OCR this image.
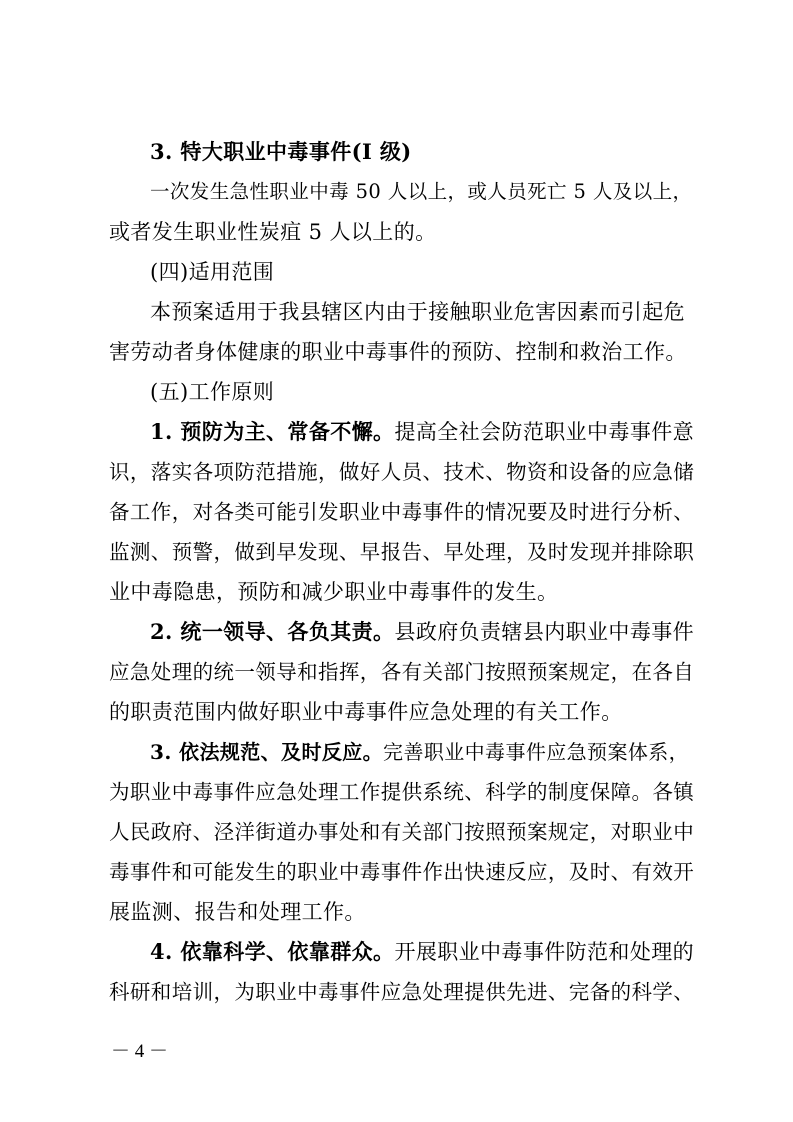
3. 特大职业中毒事件(I 级)
一次发生急性职业中毒 50 人以上，或人员死亡 5 人及以上，
或者发生职业性炭疽 5 人以上的。
(四)适用范围
本预案适用于我县辖区内由于接触职业危害因素而引起危
害劳动者身体健康的职业中毒事件的预防、控制和救治工作。
(五)工作原则
1. 预防为主、常备不懈。提高全社会防范职业中毒事件意
识，落实各项防范措施，做好人员、技术、物资和设备的应急储
备工作，对各类可能引发职业中毒事件的情况要及时进行分析、
监测、预警，做到早发现、早报告、早处理，及时发现并排除职
业中毒隐患，预防和减少职业中毒事件的发生。
2. 统一领导、各负其责。县政府负责辖县内职业中毒事件
应急处理的统一领导和指挥，各有关部门按照预案规定，在各自
的职责范围内做好职业中毒事件应急处理的有关工作。
3. 依法规范、及时反应。完善职业中毒事件应急预案体系，
为职业中毒事件应急处理工作提供系统、科学的制度保障。各镇
人民政府、泾洋街道办事处和有关部门按照预案规定，对职业中
毒事件和可能发生的职业中毒事件作出快速反应，及时、有效开
展监测、报告和处理工作。
4. 依靠科学、依靠群众。开展职业中毒事件防范和处理的
科研和培训，为职业中毒事件应急处理提供先进、完备的科学、
－ 4 －
